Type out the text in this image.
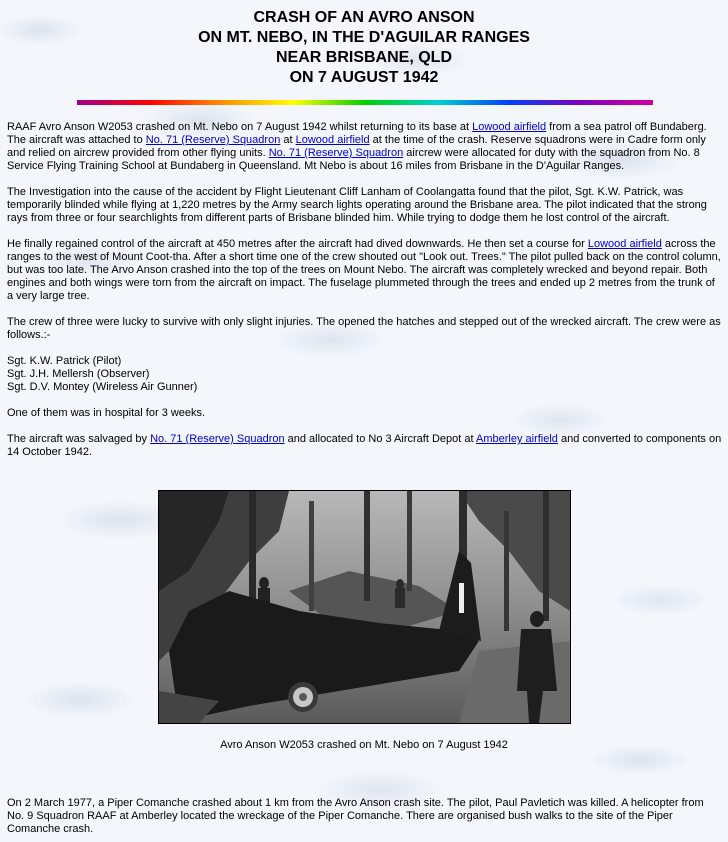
CRASH OF AN AVRO ANSON
ON MT. NEBO, IN THE D'AGUILAR RANGES
NEAR BRISBANE, QLD
ON 7 AUGUST 1942

RAAF Avro Anson W2053 crashed on Mt. Nebo on 7 August 1942 whilst returning to its base at Lowood airfield from a sea patrol off Bundaberg. The aircraft was attached to No. 71 (Reserve) Squadron at Lowood airfield at the time of the crash. Reserve squadrons were in Cadre form only and relied on aircrew provided from other flying units. No. 71 (Reserve) Squadron aircrew were allocated for duty with the squadron from No. 8 Service Flying Training School at Bundaberg in Queensland. Mt Nebo is about 16 miles from Brisbane in the D'Aguilar Ranges.

The Investigation into the cause of the accident by Flight Lieutenant Cliff Lanham of Coolangatta found that the pilot, Sgt. K.W. Patrick, was temporarily blinded while flying at 1,220 metres by the Army search lights operating around the Brisbane area. The pilot indicated that the strong rays from three or four searchlights from different parts of Brisbane blinded him. While trying to dodge them he lost control of the aircraft.

He finally regained control of the aircraft at 450 metres after the aircraft had dived downwards. He then set a course for Lowood airfield across the ranges to the west of Mount Coot-tha. After a short time one of the crew shouted out "Look out. Trees." The pilot pulled back on the control column, but was too late. The Arvo Anson crashed into the top of the trees on Mount Nebo. The aircraft was completely wrecked and beyond repair. Both engines and both wings were torn from the aircraft on impact. The fuselage plummeted through the trees and ended up 2 metres from the trunk of a very large tree.

The crew of three were lucky to survive with only slight injuries. The opened the hatches and stepped out of the wrecked aircraft. The crew were as follows.:-

Sgt. K.W. Patrick (Pilot)
Sgt. J.H. Mellersh (Observer)
Sgt. D.V. Montey (Wireless Air Gunner)

One of them was in hospital for 3 weeks.

The aircraft was salvaged by No. 71 (Reserve) Squadron and allocated to No 3 Aircraft Depot at Amberley airfield and converted to components on 14 October 1942.

Avro Anson W2053 crashed on Mt. Nebo on 7 August 1942

On 2 March 1977, a Piper Comanche crashed about 1 km from the Avro Anson crash site. The pilot, Paul Pavletich was killed. A helicopter from No. 9 Squadron RAAF at Amberley located the wreckage of the Piper Comanche. There are organised bush walks to the site of the Piper Comanche crash.
